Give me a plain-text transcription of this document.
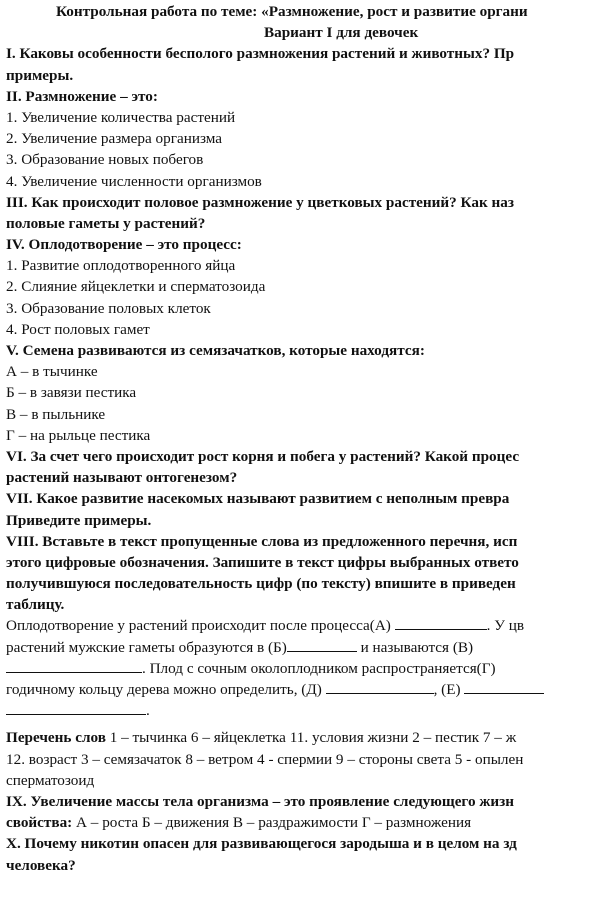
Контрольная работа по теме: «Размножение, рост и развитие органи
Вариант I для девочек
I. Каковы особенности бесполого размножения растений и животных? Пр
примеры.
II. Размножение – это:
1. Увеличение количества растений
2. Увеличение размера организма
3. Образование новых побегов
4. Увеличение численности организмов
III. Как происходит половое размножение у цветковых растений? Как наз
половые гаметы у растений?
IV. Оплодотворение – это процесс:
1. Развитие оплодотворенного яйца
2. Слияние яйцеклетки и сперматозоида
3. Образование половых клеток
4. Рост половых гамет
V. Семена развиваются из семязачатков, которые находятся:
А – в тычинке
Б – в завязи пестика
В – в пыльнике
Г – на рыльце пестика
VI. За счет чего происходит рост корня и побега у растений? Какой процес
растений называют онтогенезом?
VII. Какое развитие насекомых называют развитием с неполным преврa
Приведите примеры.
VIII. Вставьте в текст пропущенные слова из предложенного перечня, исп
этого цифровые обозначения. Запишите в текст цифры выбранных ответо
получившуюся последовательность цифр (по тексту) впишите в приведен
таблицу.
Оплодотворение у растений происходит после процесса(А)	. У цв
растений мужские гаметы образуются в (Б)	и называются (В)
. Плод с сочным околоплодником распространяется(Г)
годичному кольцу дерева можно определить, (Д)	, (Е)
.
Перечень слов 1 – тычинка 6 – яйцеклетка 11. условия жизни 2 – пестик 7 – ж
12. возраст 3 – семязачаток 8 – ветром 4 - спермии 9 – стороны света 5 - опылен
сперматозоид
IX. Увеличение массы тела организма – это проявление следующего жизн
свойства: А – роста Б – движения В – раздражимости Г – размножения
X. Почему никотин опасен для развивающегося зародыша и в целом на зд
человека?
